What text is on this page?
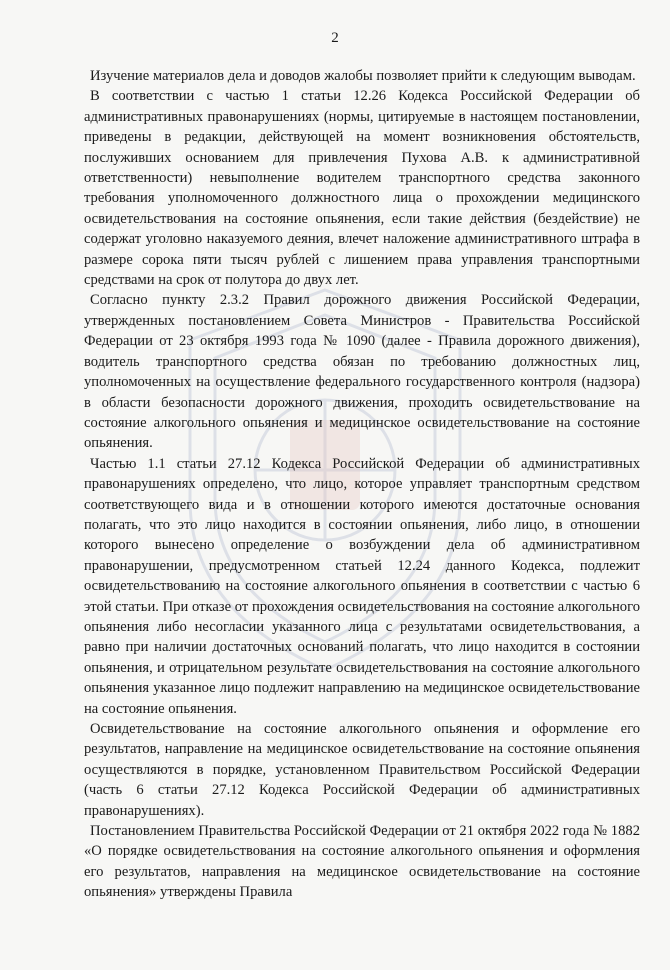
2

Изучение материалов дела и доводов жалобы позволяет прийти к следующим выводам.

В соответствии с частью 1 статьи 12.26 Кодекса Российской Федерации об административных правонарушениях (нормы, цитируемые в настоящем постановлении, приведены в редакции, действующей на момент возникновения обстоятельств, послуживших основанием для привлечения Пухова А.В. к административной ответственности) невыполнение водителем транспортного средства законного требования уполномоченного должностного лица о прохождении медицинского освидетельствования на состояние опьянения, если такие действия (бездействие) не содержат уголовно наказуемого деяния, влечет наложение административного штрафа в размере сорока пяти тысяч рублей с лишением права управления транспортными средствами на срок от полутора до двух лет.

Согласно пункту 2.3.2 Правил дорожного движения Российской Федерации, утвержденных постановлением Совета Министров - Правительства Российской Федерации от 23 октября 1993 года № 1090 (далее - Правила дорожного движения), водитель транспортного средства обязан по требованию должностных лиц, уполномоченных на осуществление федерального государственного контроля (надзора) в области безопасности дорожного движения, проходить освидетельствование на состояние алкогольного опьянения и медицинское освидетельствование на состояние опьянения.

Частью 1.1 статьи 27.12 Кодекса Российской Федерации об административных правонарушениях определено, что лицо, которое управляет транспортным средством соответствующего вида и в отношении которого имеются достаточные основания полагать, что это лицо находится в состоянии опьянения, либо лицо, в отношении которого вынесено определение о возбуждении дела об административном правонарушении, предусмотренном статьей 12.24 данного Кодекса, подлежит освидетельствованию на состояние алкогольного опьянения в соответствии с частью 6 этой статьи. При отказе от прохождения освидетельствования на состояние алкогольного опьянения либо несогласии указанного лица с результатами освидетельствования, а равно при наличии достаточных оснований полагать, что лицо находится в состоянии опьянения, и отрицательном результате освидетельствования на состояние алкогольного опьянения указанное лицо подлежит направлению на медицинское освидетельствование на состояние опьянения.

Освидетельствование на состояние алкогольного опьянения и оформление его результатов, направление на медицинское освидетельствование на состояние опьянения осуществляются в порядке, установленном Правительством Российской Федерации (часть 6 статьи 27.12 Кодекса Российской Федерации об административных правонарушениях).

Постановлением Правительства Российской Федерации от 21 октября 2022 года № 1882 «О порядке освидетельствования на состояние алкогольного опьянения и оформления его результатов, направления на медицинское освидетельствование на состояние опьянения» утверждены Правила
